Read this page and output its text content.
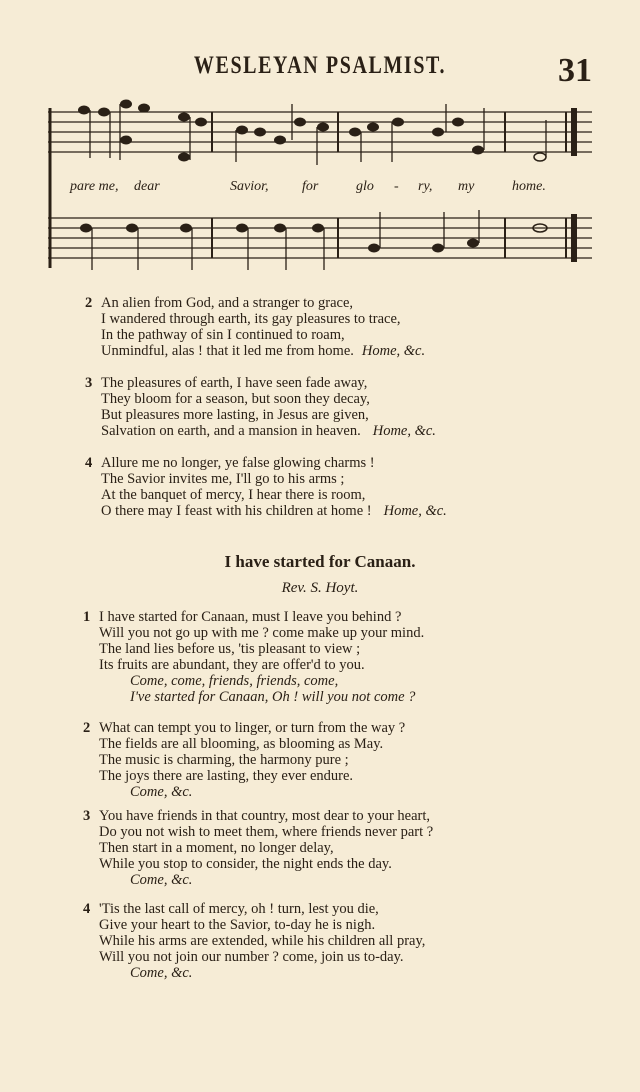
WESLEYAN PSALMIST.	31
pare me, dear	Savior, for	glo - ry, my	home.
2 An alien from God, and a stranger to grace,
I wandered through earth, its gay pleasures to trace,
In the pathway of sin I continued to roam,
Unmindful, alas ! that it led me from home. Home, &c.
3 The pleasures of earth, I have seen fade away,
They bloom for a season, but soon they decay,
But pleasures more lasting, in Jesus are given,
Salvation on earth, and a mansion in heaven. Home, &c.
4 Allure me no longer, ye false glowing charms !
The Savior invites me, I'll go to his arms ;
At the banquet of mercy, I hear there is room,
O there may I feast with his children at home ! Home, &c.
I have started for Canaan.
Rev. S. Hoyt.
1 I have started for Canaan, must I leave you behind ?
Will you not go up with me ? come make up your mind.
The land lies before us, 'tis pleasant to view ;
Its fruits are abundant, they are offer'd to you.
Come, come, friends, friends, come,
I've started for Canaan, Oh ! will you not come ?
2 What can tempt you to linger, or turn from the way ?
The fields are all blooming, as blooming as May.
The music is charming, the harmony pure ;
The joys there are lasting, they ever endure.
Come, &c.
3 You have friends in that country, most dear to your heart,
Do you not wish to meet them, where friends never part ?
Then start in a moment, no longer delay,
While you stop to consider, the night ends the day.
Come, &c.
4 'Tis the last call of mercy, oh ! turn, lest you die,
Give your heart to the Savior, to-day he is nigh.
While his arms are extended, while his children all pray,
Will you not join our number ? come, join us to-day.
Come, &c.
